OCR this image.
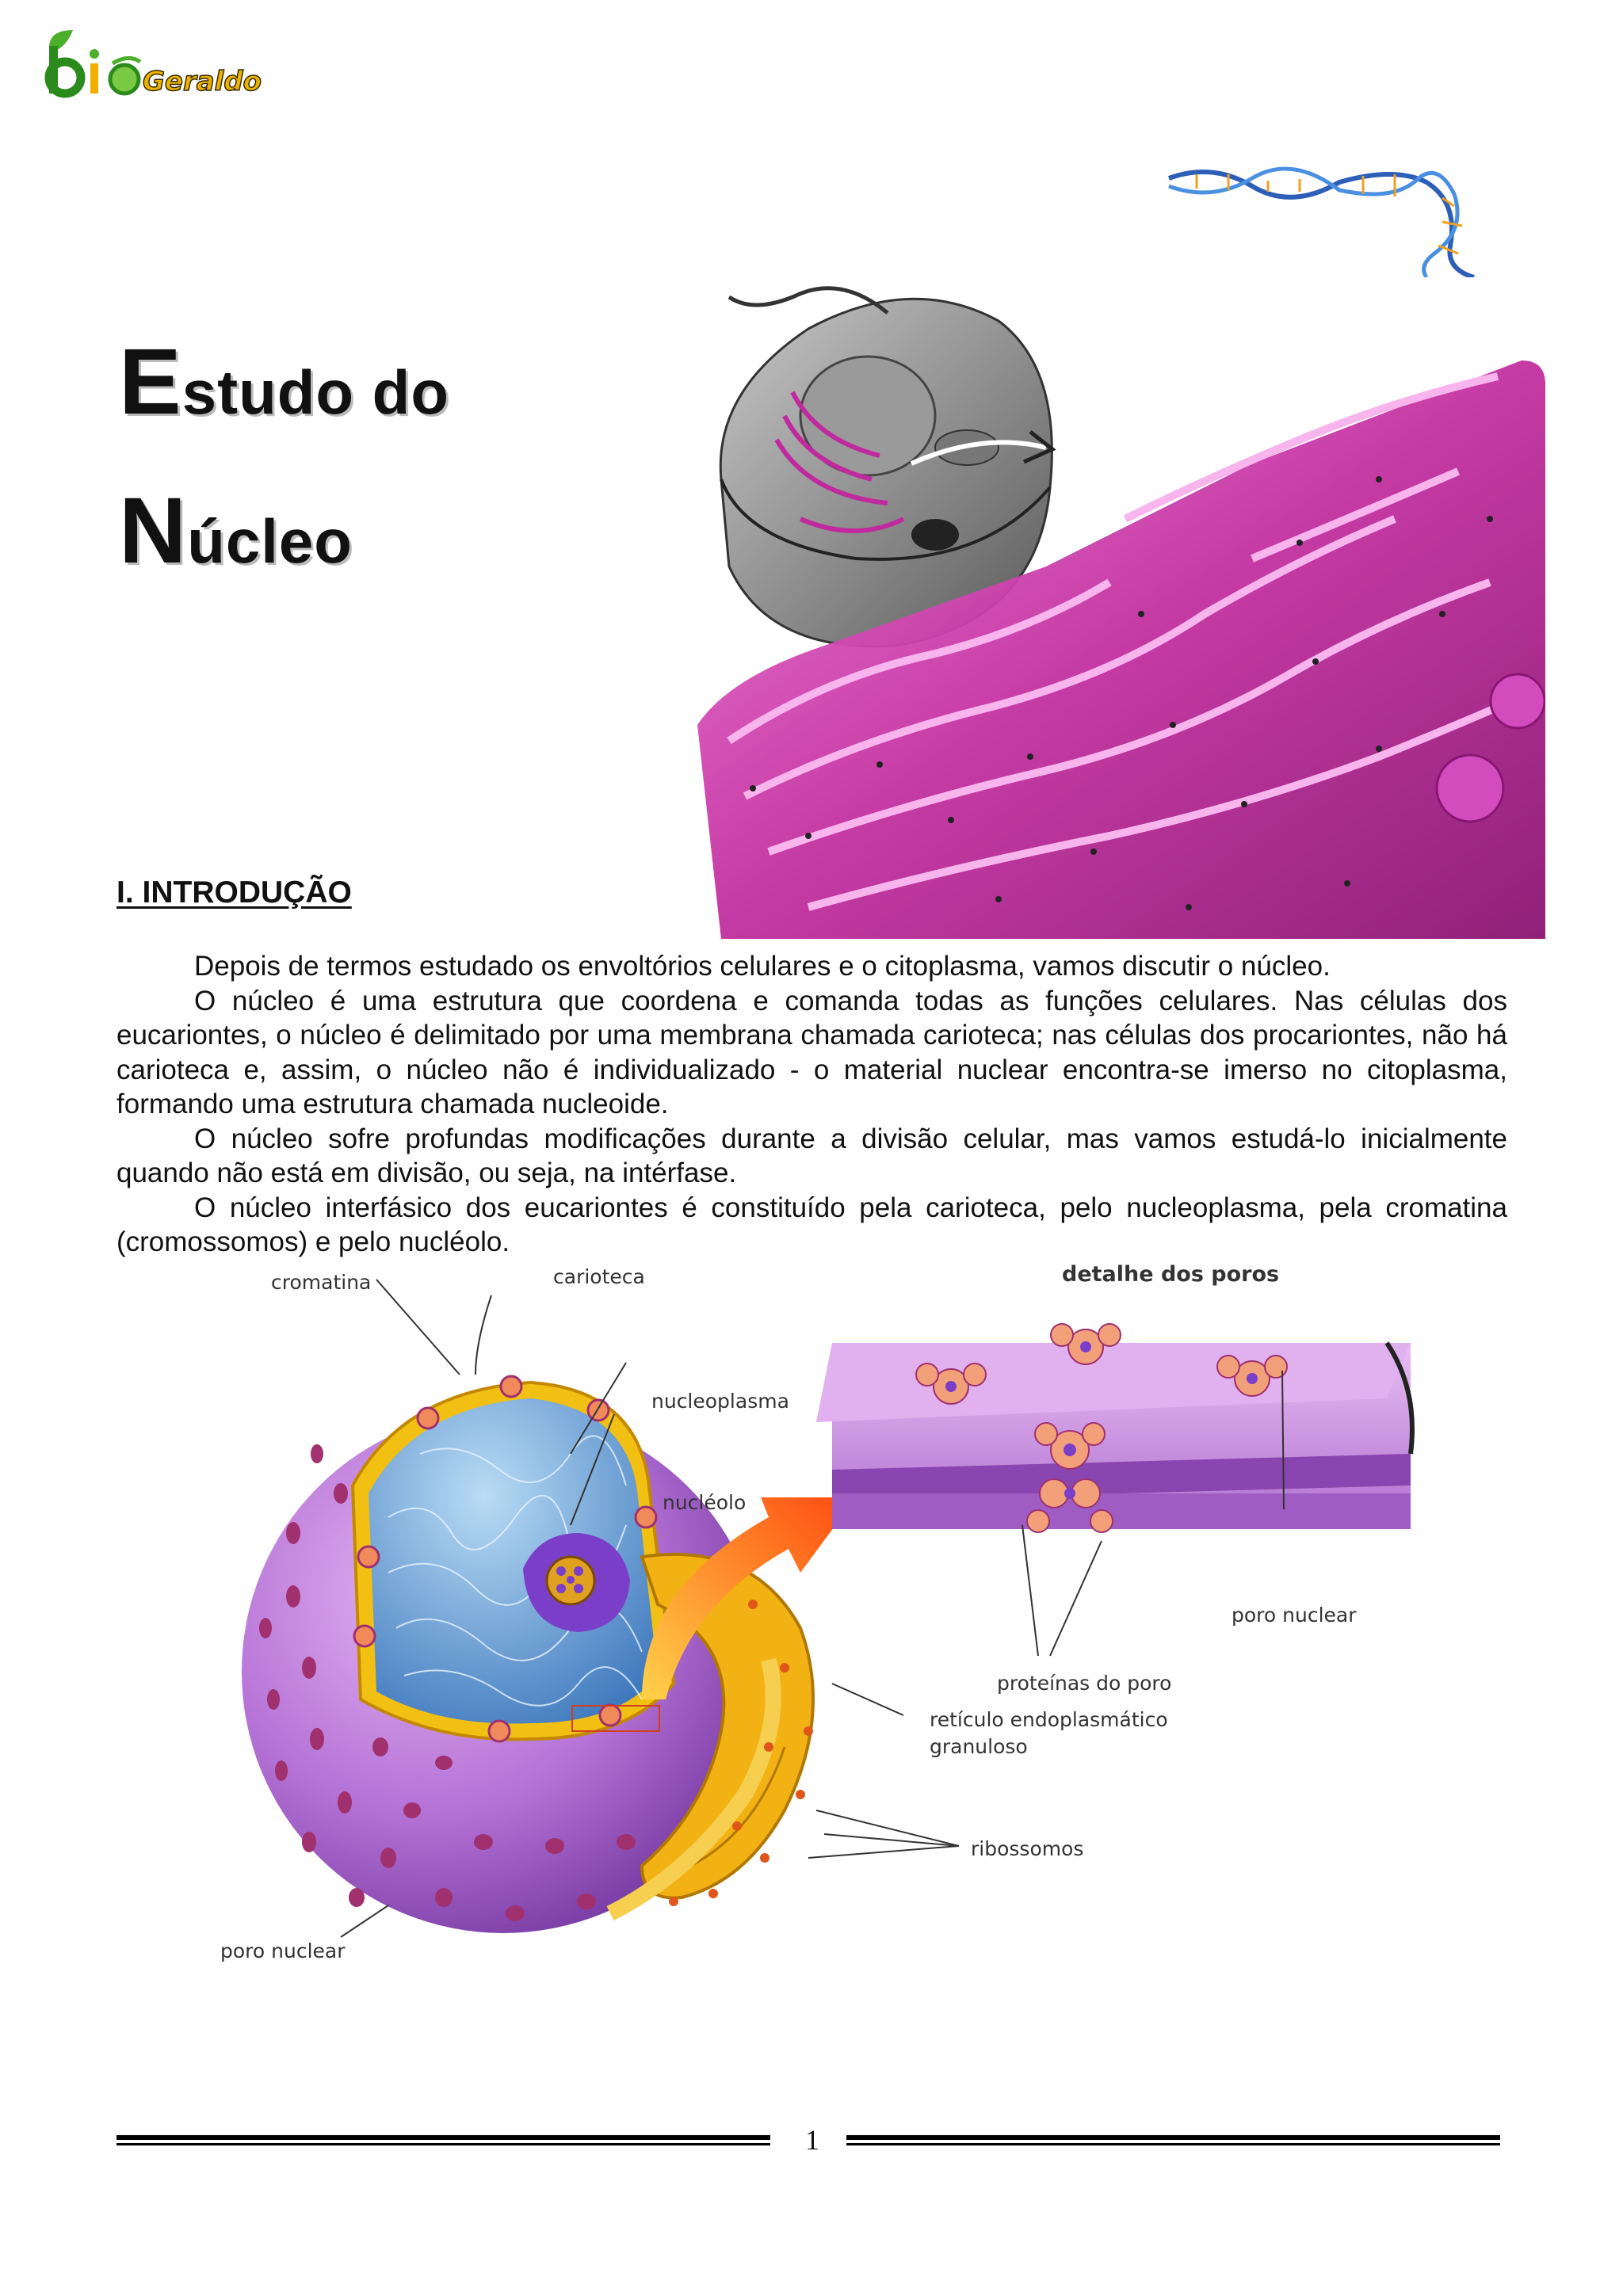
Geraldo
Estudo do
Núcleo
I. INTRODUÇÃO

Depois de termos estudado os envoltórios celulares e o citoplasma, vamos discutir o núcleo.

O núcleo é uma estrutura que coordena e comanda todas as funções celulares. Nas células dos eucariontes, o núcleo é delimitado por uma membrana chamada carioteca; nas células dos procariontes, não há carioteca e, assim, o núcleo não é individualizado - o material nuclear encontra-se imerso no citoplasma, formando uma estrutura chamada nucleoide.

O núcleo sofre profundas modificações durante a divisão celular, mas vamos estudá-lo inicialmente quando não está em divisão, ou seja, na intérfase.

O núcleo interfásico dos eucariontes é constituído pela carioteca, pelo nucleoplasma, pela cromatina (cromossomos) e pelo nucléolo.

cromatina	carioteca
nucleoplasma
nucléolo
detalhe dos poros
poro nuclear
proteínas do poro
retículo endoplasmático
granuloso
ribossomos
poro nuclear
1
